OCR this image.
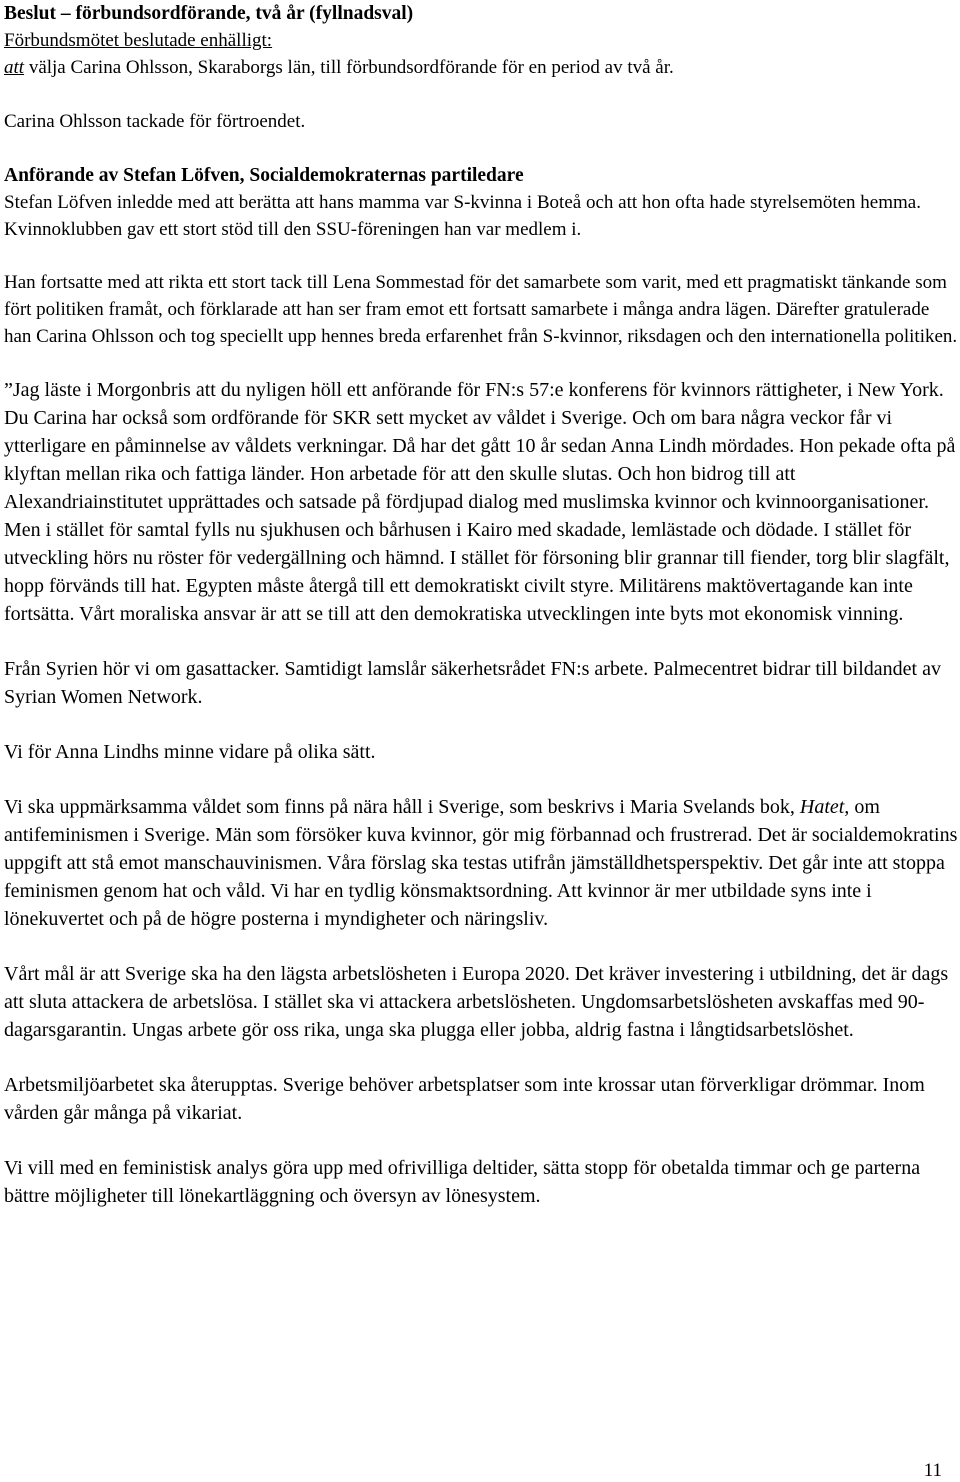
Beslut – förbundsordförande, två år (fyllnadsval)

Förbundsmötet beslutade enhälligt:

att välja Carina Ohlsson, Skaraborgs län, till förbundsordförande för en period av två år.

Carina Ohlsson tackade för förtroendet.

Anförande av Stefan Löfven, Socialdemokraternas partiledare

Stefan Löfven inledde med att berätta att hans mamma var S-kvinna i Boteå och att hon ofta hade styrelsemöten hemma. Kvinnoklubben gav ett stort stöd till den SSU-föreningen han var medlem i.

Han fortsatte med att rikta ett stort tack till Lena Sommestad för det samarbete som varit, med ett pragmatiskt tänkande som fört politiken framåt, och förklarade att han ser fram emot ett fortsatt samarbete i många andra lägen. Därefter gratulerade han Carina Ohlsson och tog speciellt upp hennes breda erfarenhet från S-kvinnor, riksdagen och den internationella politiken.

”Jag läste i Morgonbris att du nyligen höll ett anförande för FN:s 57:e konferens för kvinnors rättigheter, i New York. Du Carina har också som ordförande för SKR sett mycket av våldet i Sverige. Och om bara några veckor får vi ytterligare en påminnelse av våldets verkningar. Då har det gått 10 år sedan Anna Lindh mördades. Hon pekade ofta på klyftan mellan rika och fattiga länder. Hon arbetade för att den skulle slutas. Och hon bidrog till att Alexandriainstitutet upprättades och satsade på fördjupad dialog med muslimska kvinnor och kvinnoorganisationer. Men i stället för samtal fylls nu sjukhusen och bårhusen i Kairo med skadade, lemlästade och dödade. I stället för utveckling hörs nu röster för vedergällning och hämnd. I stället för försoning blir grannar till fiender, torg blir slagfält, hopp förvänds till hat. Egypten måste återgå till ett demokratiskt civilt styre. Militärens maktövertagande kan inte fortsätta. Vårt moraliska ansvar är att se till att den demokratiska utvecklingen inte byts mot ekonomisk vinning.

Från Syrien hör vi om gasattacker. Samtidigt lamslår säkerhetsrådet FN:s arbete. Palmecentret bidrar till bildandet av Syrian Women Network.

Vi för Anna Lindhs minne vidare på olika sätt.

Vi ska uppmärksamma våldet som finns på nära håll i Sverige, som beskrivs i Maria Svelands bok, Hatet, om antifeminismen i Sverige. Män som försöker kuva kvinnor, gör mig förbannad och frustrerad. Det är socialdemokratins uppgift att stå emot manschauvinismen. Våra förslag ska testas utifrån jämställdhetsperspektiv. Det går inte att stoppa feminismen genom hat och våld. Vi har en tydlig könsmaktsordning. Att kvinnor är mer utbildade syns inte i lönekuvertet och på de högre posterna i myndigheter och näringsliv.

Vårt mål är att Sverige ska ha den lägsta arbetslösheten i Europa 2020. Det kräver investering i utbildning, det är dags att sluta attackera de arbetslösa. I stället ska vi attackera arbetslösheten. Ungdomsarbetslösheten avskaffas med 90-dagarsgarantin. Ungas arbete gör oss rika, unga ska plugga eller jobba, aldrig fastna i långtidsarbetslöshet.

Arbetsmiljöarbetet ska återupptas. Sverige behöver arbetsplatser som inte krossar utan förverkligar drömmar. Inom vården går många på vikariat.

Vi vill med en feministisk analys göra upp med ofrivilliga deltider, sätta stopp för obetalda timmar och ge parterna bättre möjligheter till lönekartläggning och översyn av lönesystem.

11
